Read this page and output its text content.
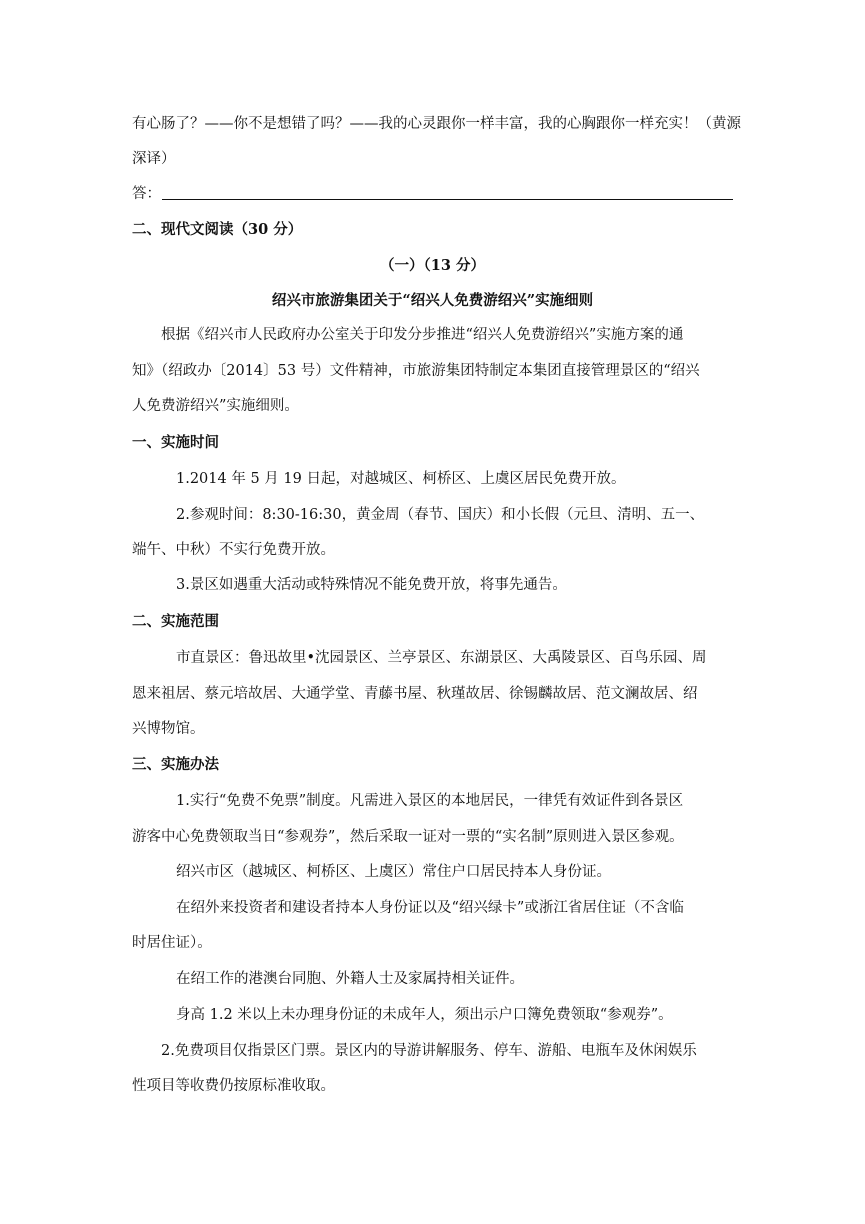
有心肠了？——你不是想错了吗？——我的心灵跟你一样丰富，我的心胸跟你一样充实！（黄源
深译）
答：
二、现代文阅读（30 分）
（一）（13 分）
绍兴市旅游集团关于“绍兴人免费游绍兴”实施细则
根据《绍兴市人民政府办公室关于印发分步推进“绍兴人免费游绍兴”实施方案的通
知》（绍政办〔2014〕53 号）文件精神，市旅游集团特制定本集团直接管理景区的“绍兴
人免费游绍兴”实施细则。
一、实施时间
1.2014 年 5 月 19 日起，对越城区、柯桥区、上虞区居民免费开放。
2.参观时间：8:30-16:30，黄金周（春节、国庆）和小长假（元旦、清明、五一、
端午、中秋）不实行免费开放。
3.景区如遇重大活动或特殊情况不能免费开放，将事先通告。
二、实施范围
市直景区：鲁迅故里•沈园景区、兰亭景区、东湖景区、大禹陵景区、百鸟乐园、周
恩来祖居、蔡元培故居、大通学堂、青藤书屋、秋瑾故居、徐锡麟故居、范文澜故居、绍
兴博物馆。
三、实施办法
1.实行“免费不免票”制度。凡需进入景区的本地居民，一律凭有效证件到各景区
游客中心免费领取当日“参观券”，然后采取一证对一票的“实名制”原则进入景区参观。
绍兴市区（越城区、柯桥区、上虞区）常住户口居民持本人身份证。
在绍外来投资者和建设者持本人身份证以及“绍兴绿卡”或浙江省居住证（不含临
时居住证）。
在绍工作的港澳台同胞、外籍人士及家属持相关证件。
身高 1.2 米以上未办理身份证的未成年人，须出示户口簿免费领取“参观券”。
2.免费项目仅指景区门票。景区内的导游讲解服务、停车、游船、电瓶车及休闲娱乐
性项目等收费仍按原标准收取。
